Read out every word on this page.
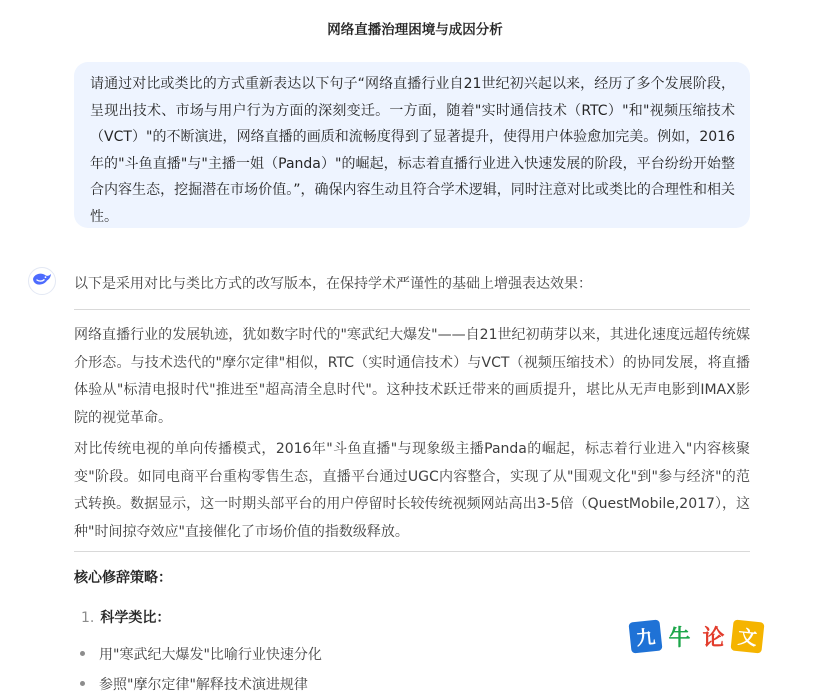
网络直播治理困境与成因分析
请通过对比或类比的方式重新表达以下句子“网络直播行业自21世纪初兴起以来，经历了多个发展阶段，呈现出技术、市场与用户行为方面的深刻变迁。一方面，随着"实时通信技术（RTC）"和"视频压缩技术（VCT）"的不断演进，网络直播的画质和流畅度得到了显著提升，使得用户体验愈加完美。例如，2016年的"斗鱼直播"与"主播一姐（Panda）"的崛起，标志着直播行业进入快速发展的阶段，平台纷纷开始整合内容生态，挖掘潜在市场价值。”，确保内容生动且符合学术逻辑，同时注意对比或类比的合理性和相关性。
以下是采用对比与类比方式的改写版本，在保持学术严谨性的基础上增强表达效果：
网络直播行业的发展轨迹，犹如数字时代的"寒武纪大爆发"——自21世纪初萌芽以来，其进化速度远超传统媒介形态。与技术迭代的"摩尔定律"相似，RTC（实时通信技术）与VCT（视频压缩技术）的协同发展，将直播体验从"标清电报时代"推进至"超高清全息时代"。这种技术跃迁带来的画质提升，堪比从无声电影到IMAX影院的视觉革命。
对比传统电视的单向传播模式，2016年"斗鱼直播"与现象级主播Panda的崛起，标志着行业进入"内容核聚变"阶段。如同电商平台重构零售生态，直播平台通过UGC内容整合，实现了从"围观文化"到"参与经济"的范式转换。数据显示，这一时期头部平台的用户停留时长较传统视频网站高出3-5倍（QuestMobile,2017），这种"时间掠夺效应"直接催化了市场价值的指数级释放。
核心修辞策略：
1. 科学类比：
用"寒武纪大爆发"比喻行业快速分化
参照"摩尔定律"解释技术演进规律
九 牛 论 文
